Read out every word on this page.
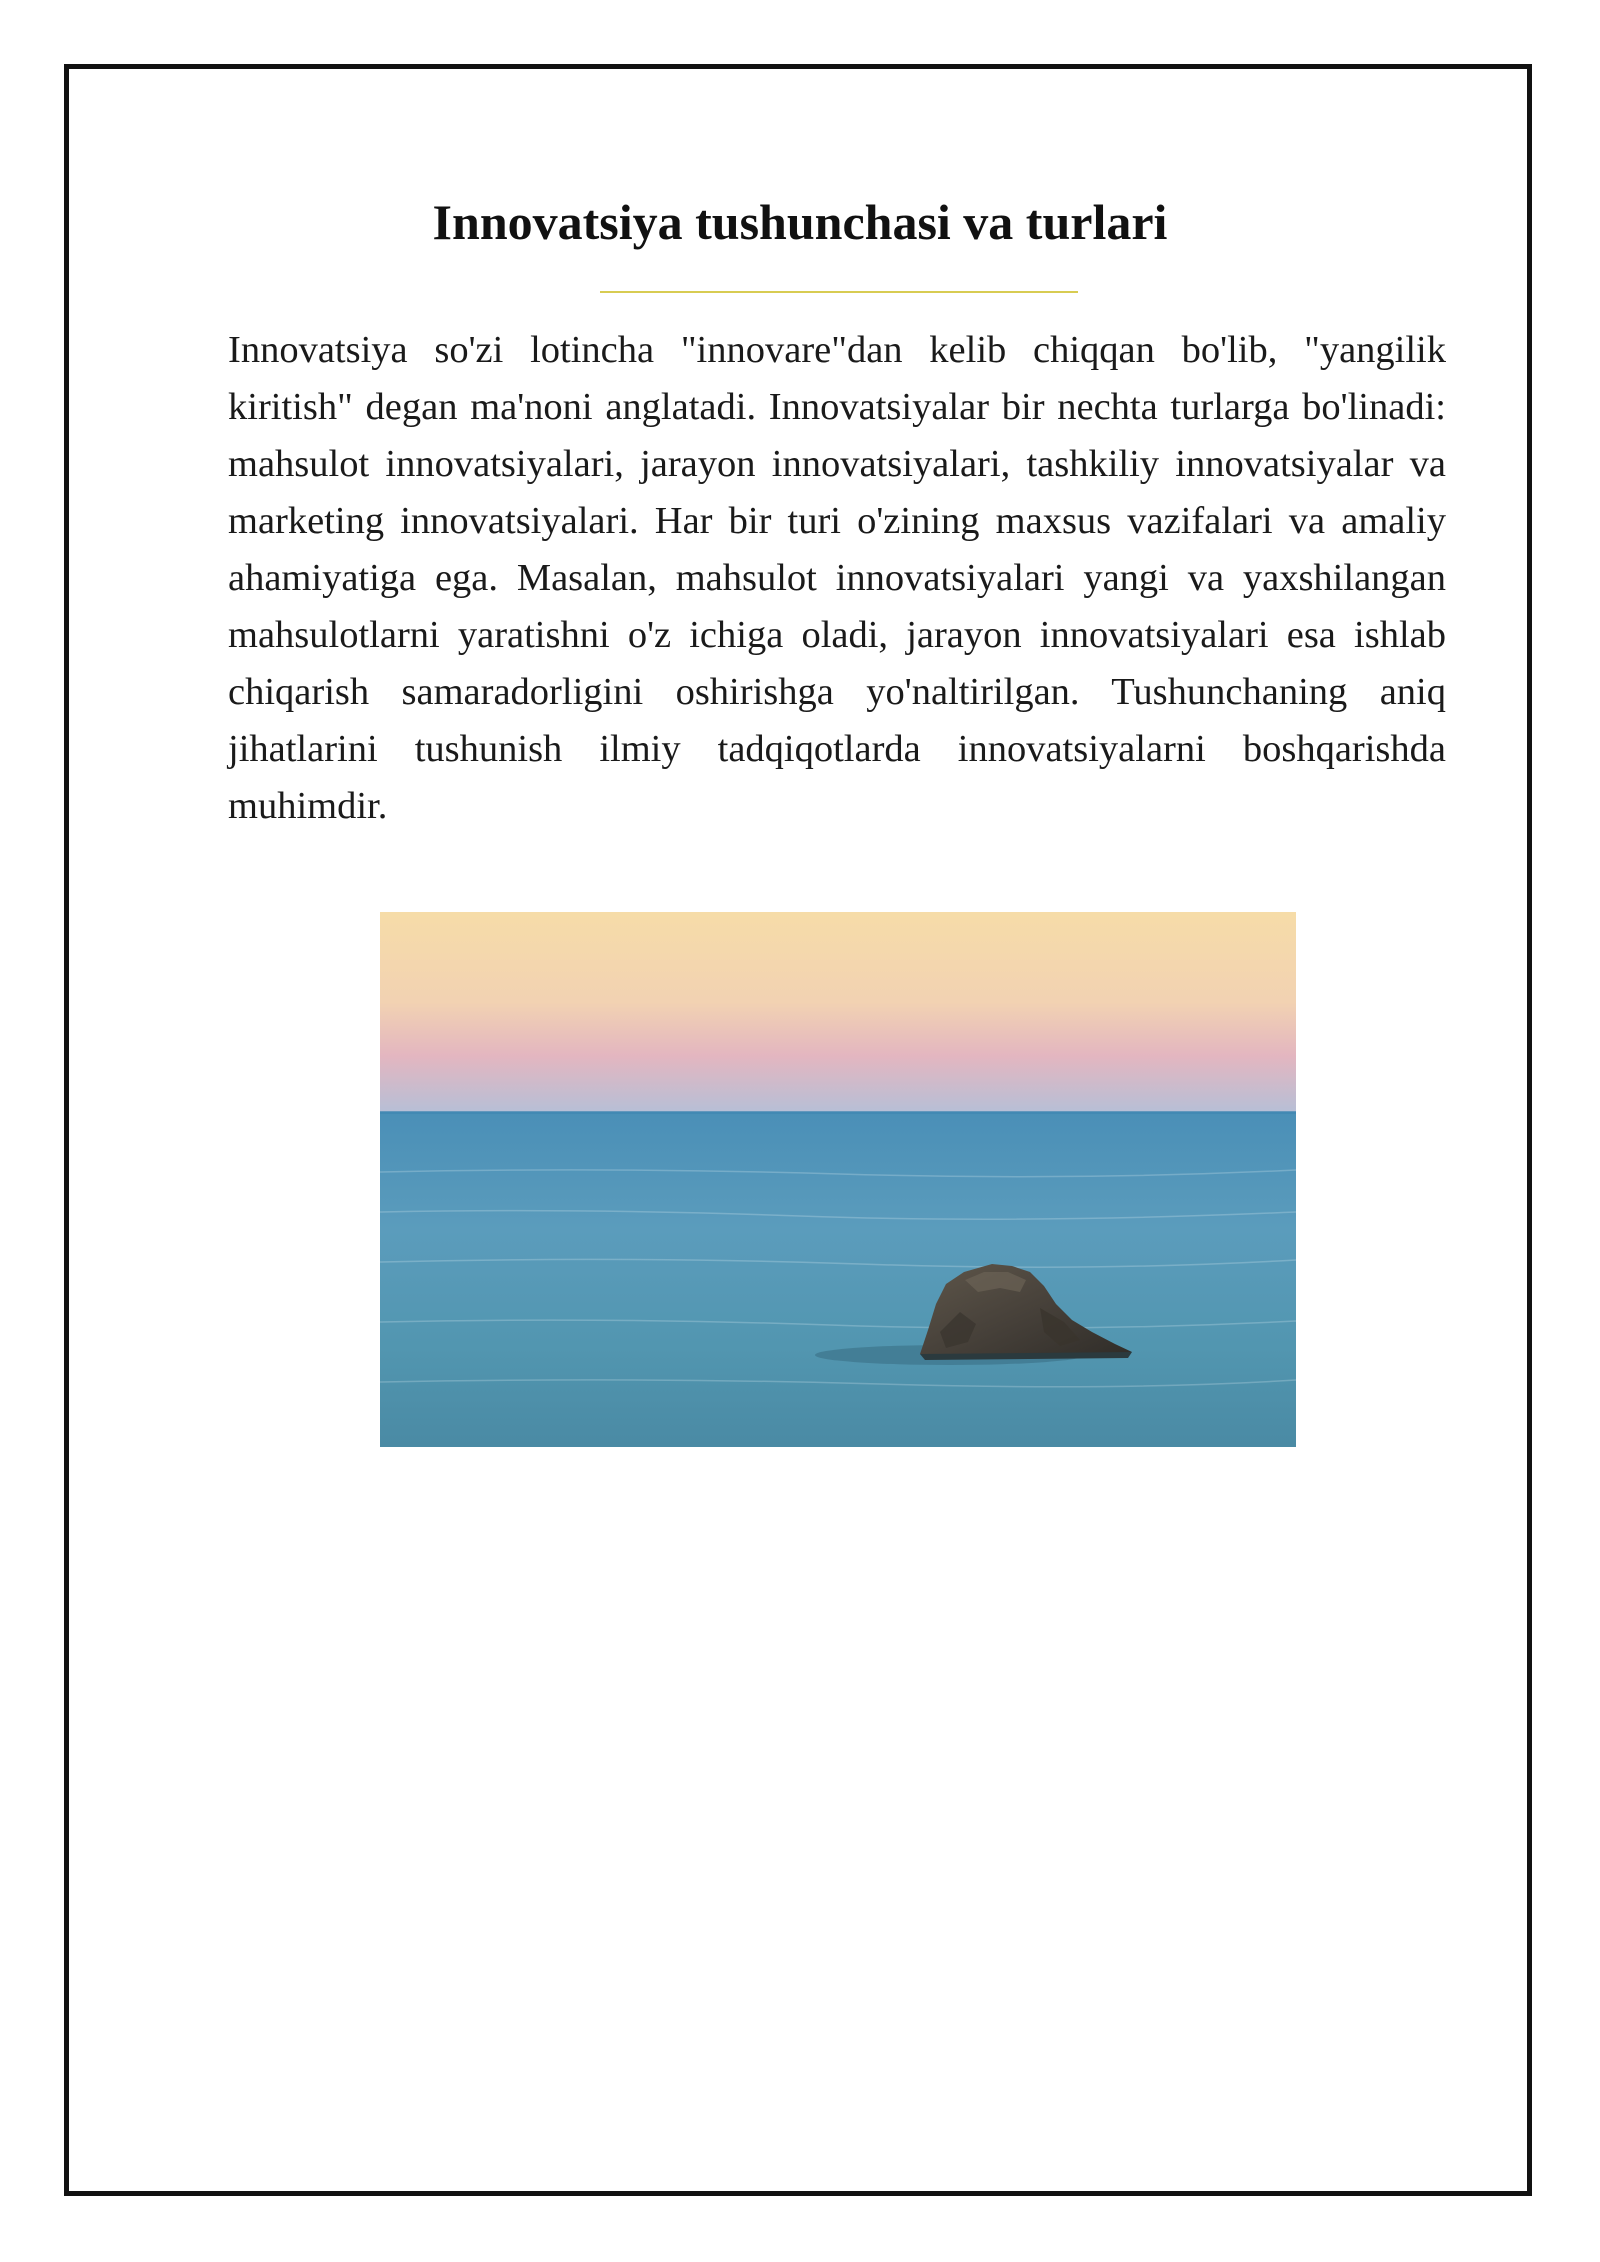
Innovatsiya tushunchasi va turlari

Innovatsiya so'zi lotincha "innovare"dan kelib chiqqan bo'lib, "yangilik kiritish" degan ma'noni anglatadi. Innovatsiyalar bir nechta turlarga bo'linadi: mahsulot innovatsiyalari, jarayon innovatsiyalari, tashkiliy innovatsiyalar va marketing innovatsiyalari. Har bir turi o'zining maxsus vazifalari va amaliy ahamiyatiga ega. Masalan, mahsulot innovatsiyalari yangi va yaxshilangan mahsulotlarni yaratishni o'z ichiga oladi, jarayon innovatsiyalari esa ishlab chiqarish samaradorligini oshirishga yo'naltirilgan. Tushunchaning aniq jihatlarini tushunish ilmiy tadqiqotlarda innovatsiyalarni boshqarishda muhimdir.
